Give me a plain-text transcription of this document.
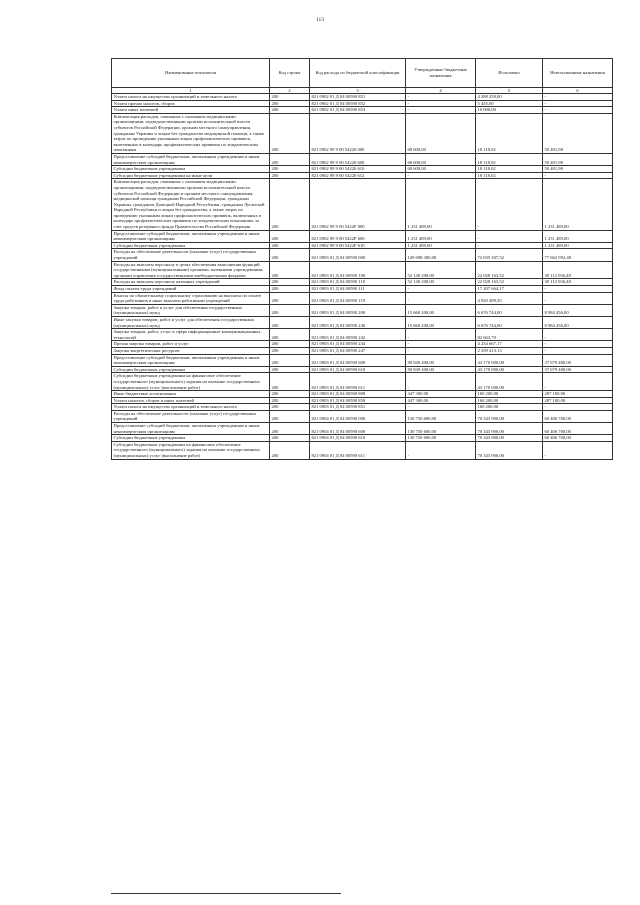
113
Наименование показателя	Код строки	Код расхода по бюджетной классификации	Утвержденные бюджетные назначения	Исполнено	Неисполненные назначения
1	2	3	4	5	6
Уплата налога на имущество организаций и земельного налога	200	821 0902 01 Д 04 00590 851	-	4 288 259,00	-
Уплата прочих налогов, сборов	200	821 0902 01 Д 04 00590 852	-	5 455,00	-
Уплата иных платежей	200	821 0902 01 Д 04 00590 853	-	10 000,00	-
Компенсация расходов, связанных с оказанием медицинскими организациями, подведомственными органам исполнительной власти субъектов Российской Федерации, органам местного самоуправления, гражданам Украины и лицам без гражданства медицинской помощи, а также затрат по проведению указанным лицам профилактических прививок, включенных в календарь профилактических прививок по эпидемическим показаниям	200	821 0902 99 9 00 54220 000	68 600,00	18 118,02	50 481,98
Предоставление субсидий бюджетным, автономным учреждениям и иным некоммерческим организациям	200	821 0902 99 9 00 54220 600	68 600,00	18 118,02	50 481,98
Субсидии бюджетным учреждениям	200	821 0902 99 9 00 54220 610	68 600,00	18 118,02	50 481,98
Субсидии бюджетным учреждениям на иные цели	200	821 0902 99 9 00 54220 612	-	18 118,02	-
Компенсация расходов, связанных с оказанием медицинскими организациями, подведомственными органам исполнительной власти субъектов Российской Федерации и органам местного самоуправления, медицинской помощи гражданам Российской Федерации, гражданам Украины, гражданам Донецкой Народной Республики, гражданам Луганской Народной Республики и лицам без гражданства, а также затрат по проведению указанным лицам профилактических прививок, включенных в календарь профилактических прививок по эпидемическим показаниям, за счет средств резервного фонда Правительства Российской Федерации	200	821 0902 99 9 00 5422F 000	1 231 489,00	-	1 231 489,00
Предоставление субсидий бюджетным, автономным учреждениям и иным некоммерческим организациям	200	821 0902 99 9 00 5422F 600	1 231 489,00	-	1 231 489,00
Субсидии бюджетным учреждениям	200	821 0902 99 9 00 5422F 610	1 231 489,00	-	1 231 489,00
Расходы на обеспечение деятельности (оказание услуг) государственных учреждений	200	821 0903 01 Д 04 00590 000	149 698 300,00	72 035 307,52	77 662 992,48
Расходы на выплаты персоналу в целях обеспечения выполнения функций государственными (муниципальными) органами, казенными учреждениями, органами управления государственными внебюджетными фондами	200	821 0903 01 Д 04 00590 100	52 140 200,00	22 028 163,52	30 112 036,48
Расходы на выплаты персоналу казенных учреждений	200	821 0903 01 Д 04 00590 110	52 140 200,00	22 028 163,52	30 112 036,48
Фонд оплаты труда учреждений	200	821 0903 01 Д 04 00590 111	-	17 207 664,17	-
Взносы по обязательному социальному страхованию на выплаты по оплате труда работников и иные выплаты работникам учреждений	200	821 0903 01 Д 04 00590 119	-	4 820 499,35	-
Закупка товаров, работ и услуг для обеспечения государственных (муниципальных) нужд	200	821 0903 01 Д 04 00590 200	15 660 200,00	6 676 744,00	8 984 456,00
Иные закупки товаров, работ и услуг для обеспечения государственных (муниципальных) нужд	200	821 0903 01 Д 04 00590 240	15 660 200,00	6 676 744,00	8 984 456,00
Закупка товаров, работ, услуг в сфере информационно-коммуникационных технологий	200	821 0903 01 Д 04 00590 242	-	82 663,70	-
Прочая закупка товаров, работ и услуг	200	821 0903 01 Д 04 00590 244	-	4 234 667,17	-
Закупка энергетических ресурсов	200	821 0903 01 Д 04 00590 247	-	2 359 413,13	-
Предоставление субсидий бюджетным, автономным учреждениям и иным некоммерческим организациям	200	821 0903 01 Д 04 00590 600	80 849 400,00	43 170 000,00	37 679 400,00
Субсидии бюджетным учреждениям	200	821 0903 01 Д 04 00590 610	80 849 400,00	43 170 000,00	37 679 400,00
Субсидии бюджетным учреждениям на финансовое обеспечение государственного (муниципального) задания на оказание государственных (муниципальных) услуг (выполнение работ)	200	821 0903 01 Д 04 00590 611	-	43 170 000,00	-
Иные бюджетные ассигнования	200	821 0903 01 Д 04 00590 800	447 300,00	160 200,00	287 100,00
Уплата налогов, сборов и иных платежей	200	821 0903 01 Д 04 00590 850	447 300,00	160 200,00	287 100,00
Уплата налога на имущество организаций и земельного налога	200	821 0903 01 Д 04 00590 851	-	160 200,00	-
Расходы на обеспечение деятельности (оказание услуг) государственных учреждений	200	821 0904 01 Д 04 00590 000	130 750 600,00	70 343 900,00	60 406 700,00
Предоставление субсидий бюджетным, автономным учреждениям и иным некоммерческим организациям	200	821 0904 01 Д 04 00590 600	130 750 600,00	70 343 900,00	60 406 700,00
Субсидии бюджетным учреждениям	200	821 0904 01 Д 04 00590 610	130 750 600,00	70 343 900,00	60 406 700,00
Субсидии бюджетным учреждениям на финансовое обеспечение государственного (муниципального) задания на оказание государственных (муниципальных) услуг (выполнение работ)	200	821 0904 01 Д 04 00590 611	-	70 343 900,00	-
